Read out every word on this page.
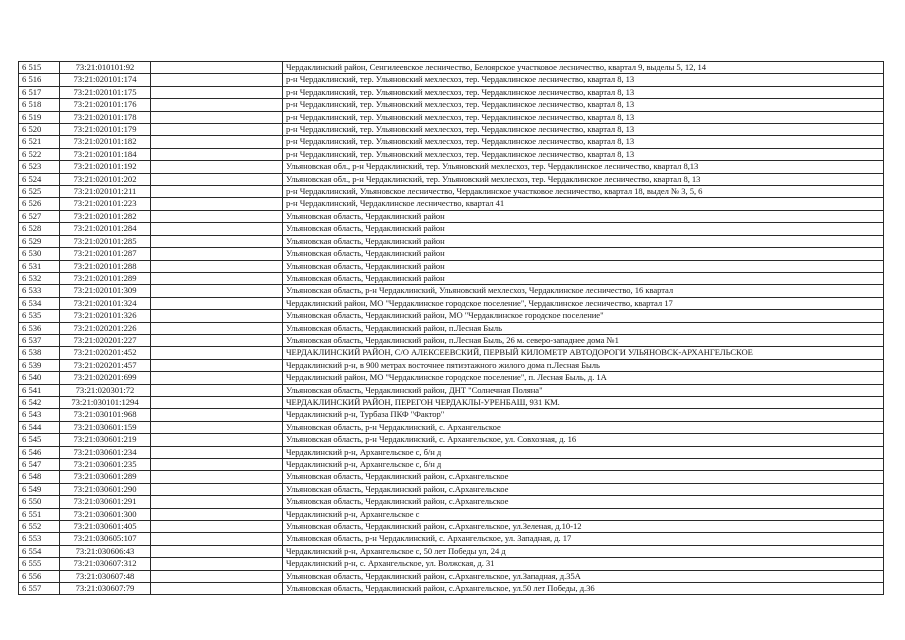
6 515	73:21:010101:92		Чердаклинский район, Сенгилеевское лесничество, Белоярское участковое лесничество, квартал 9, выделы 5, 12, 14
6 516	73:21:020101:174		р-н Чердаклинский, тер. Ульяновский мехлесхоз, тер. Чердаклинское лесничество, квартал 8, 13
6 517	73:21:020101:175		р-н Чердаклинский, тер. Ульяновский мехлесхоз, тер. Чердаклинское лесничество, квартал 8, 13
6 518	73:21:020101:176		р-н Чердаклинский, тер. Ульяновский мехлесхоз, тер. Чердаклинское лесничество, квартал 8, 13
6 519	73:21:020101:178		р-н Чердаклинский, тер. Ульяновский мехлесхоз, тер. Чердаклинское лесничество, квартал 8, 13
6 520	73:21:020101:179		р-н Чердаклинский, тер. Ульяновский мехлесхоз, тер. Чердаклинское лесничество, квартал 8, 13
6 521	73:21:020101:182		р-н Чердаклинский, тер. Ульяновский мехлесхоз, тер. Чердаклинское лесничество, квартал 8, 13
6 522	73:21:020101:184		р-н Чердаклинский, тер. Ульяновский мехлесхоз, тер. Чердаклинское лесничество, квартал 8, 13
6 523	73:21:020101:192		Ульяновская обл., р-н Чердаклинский, тер. Ульяновский мехлесхоз, тер. Чердаклинское лесничество, квартал 8,13
6 524	73:21:020101:202		Ульяновская обл., р-н Чердаклинский, тер. Ульяновский мехлесхоз, тер. Чердаклинское лесничество, квартал 8, 13
6 525	73:21:020101:211		р-н Чердаклинский, Ульяновское лесничество, Чердаклинское участковое лесничество, квартал 18, выдел № 3, 5, 6
6 526	73:21:020101:223		р-н Чердаклинский, Чердаклинское лесничество, квартал 41
6 527	73:21:020101:282		Ульяновская область, Чердаклинский район
6 528	73:21:020101:284		Ульяновская область, Чердаклинский район
6 529	73:21:020101:285		Ульяновская область, Чердаклинский район
6 530	73:21:020101:287		Ульяновская область, Чердаклинский район
6 531	73:21:020101:288		Ульяновская область, Чердаклинский район
6 532	73:21:020101:289		Ульяновская область, Чердаклинский район
6 533	73:21:020101:309		Ульяновская область, р-н Чердаклинский, Ульяновский мехлесхоз, Чердаклинское лесничество, 16 квартал
6 534	73:21:020101:324		Чердаклинский район, МО "Чердаклинское городское поселение", Чердаклинское лесничество, квартал 17
6 535	73:21:020101:326		Ульяновская область, Чердаклинский район, МО "Чердаклинское городское поселение"
6 536	73:21:020201:226		Ульяновская область, Чердаклинский район, п.Лесная Быль
6 537	73:21:020201:227		Ульяновская область, Чердаклинский район, п.Лесная Быль, 26 м. северо-западнее дома №1
6 538	73:21:020201:452		ЧЕРДАКЛИНСКИЙ РАЙОН, С/О АЛЕКСЕЕВСКИЙ, ПЕРВЫЙ КИЛОМЕТР АВТОДОРОГИ УЛЬЯНОВСК-АРХАНГЕЛЬСКОЕ
6 539	73:21:020201:457		Чердаклинский р-н, в 900 метрах восточнее пятиэтажного жилого дома п.Лесная Быль
6 540	73:21:020201:699		Чердаклинский район, МО "Чердаклинское городское поселение", п. Лесная Быль, д. 1А
6 541	73:21:020301:72		Ульяновская область, Чердаклинский район, ДНТ "Солнечная Поляна"
6 542	73:21:030101:1294		ЧЕРДАКЛИНСКИЙ РАЙОН, ПЕРЕГОН ЧЕРДАКЛЫ-УРЕНБАШ, 931 КМ.
6 543	73:21:030101:968		Чердаклинский р-н, Турбаза ПКФ "Фактор"
6 544	73:21:030601:159		Ульяновская область, р-н Чердаклинский, с. Архангельское
6 545	73:21:030601:219		Ульяновская область, р-н Чердаклинский, с. Архангельское, ул. Совхозная, д. 16
6 546	73:21:030601:234		Чердаклинский р-н, Архангельское с, б/н д
6 547	73:21:030601:235		Чердаклинский р-н, Архангельское с, б/н д
6 548	73:21:030601:289		Ульяновская область, Чердаклинский район, с.Архангельское
6 549	73:21:030601:290		Ульяновская область, Чердаклинский район, с.Архангельское
6 550	73:21:030601:291		Ульяновская область, Чердаклинский район, с.Архангельское
6 551	73:21:030601:300		Чердаклинский р-н, Архангельское с
6 552	73:21:030601:405		Ульяновская область, Чердаклинский район, с.Архангельское, ул.Зеленая, д.10-12
6 553	73:21:030605:107		Ульяновская область, р-н Чердаклинский, с. Архангельское, ул. Западная, д. 17
6 554	73:21:030606:43		Чердаклинский р-н, Архангельское с, 50 лет Победы ул, 24 д
6 555	73:21:030607:312		Чердаклинский р-н, с. Архангельское, ул. Волжская, д. 31
6 556	73:21:030607:48		Ульяновская область, Чердаклинский район, с.Архангельское, ул.Западная, д.35А
6 557	73:21:030607:79		Ульяновская область, Чердаклинский район, с.Архангельское, ул.50 лет Победы, д.36
